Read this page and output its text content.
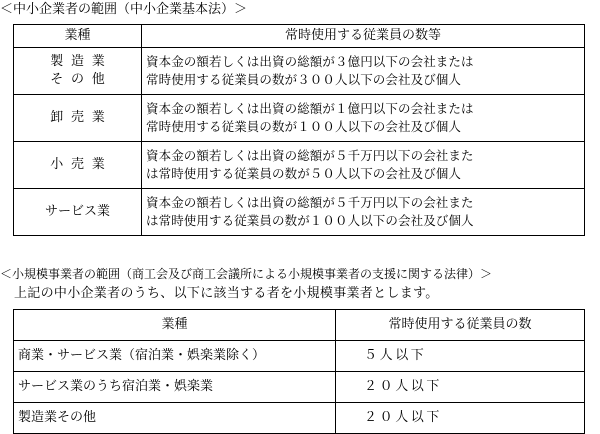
＜中小企業者の範囲（中小企業基本法）＞
業種	常時使用する従業員の数等

製造業
その他	資本金の額若しくは出資の総額が３億円以下の会社または
常時使用する従業員の数が３００人以下の会社及び個人

卸売業	資本金の額若しくは出資の総額が１億円以下の会社または
常時使用する従業員の数が１００人以下の会社及び個人

小売業	資本金の額若しくは出資の総額が５千万円以下の会社また
は常時使用する従業員の数が５０人以下の会社及び個人

サービス業	資本金の額若しくは出資の総額が５千万円以下の会社また
は常時使用する従業員の数が１００人以下の会社及び個人
＜小規模事業者の範囲（商工会及び商工会議所による小規模事業者の支援に関する法律）＞
上記の中小企業者のうち、以下に該当する者を小規模事業者とします。
業種	常時使用する従業員の数
商業・サービス業（宿泊業・娯楽業除く）	５人以下
サービス業のうち宿泊業・娯楽業	２０人以下
製造業その他	２０人以下
